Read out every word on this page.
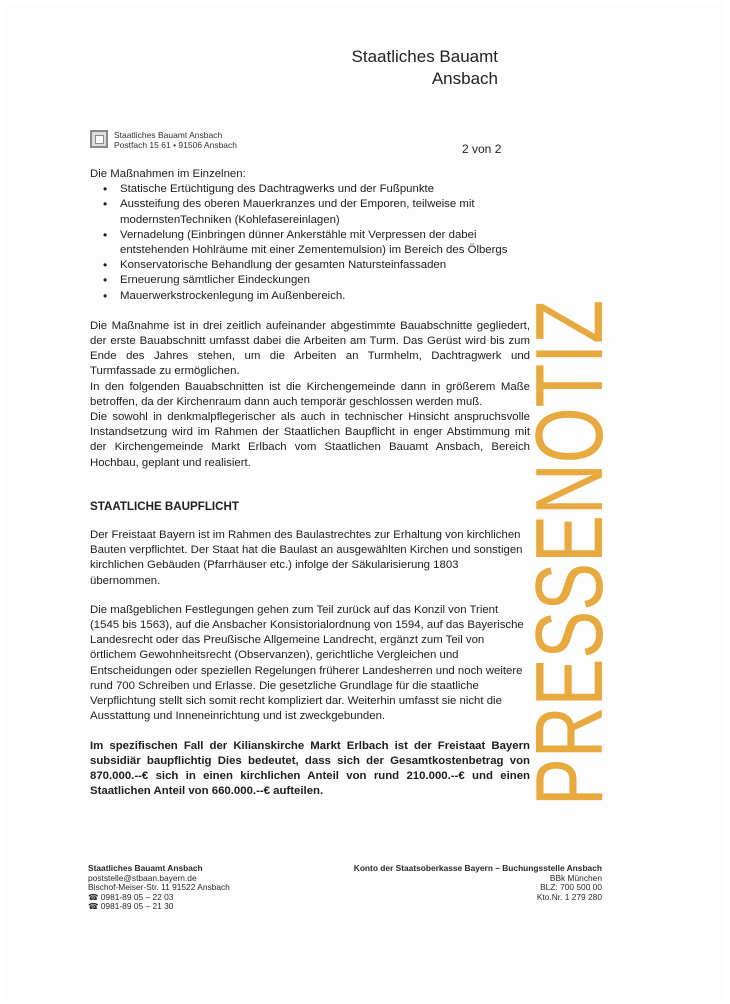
Staatliches Bauamt
Ansbach
Staatliches Bauamt Ansbach
Postfach 15 61 • 91506 Ansbach	2 von 2

Die Maßnahmen im Einzelnen:

• Statische Ertüchtigung des Dachtragwerks und der Fußpunkte
• Aussteifung des oberen Mauerkranzes und der Emporen, teilweise mit modernstenTechniken (Kohlefasereinlagen)
• Vernadelung (Einbringen dünner Ankerstähle mit Verpressen der dabei entstehenden Hohlräume mit einer Zementemulsion) im Bereich des Ölbergs
• Konservatorische Behandlung der gesamten Natursteinfassaden
• Erneuerung sämtlicher Eindeckungen
• Mauerwerkstrockenlegung im Außenbereich.

Die Maßnahme ist in drei zeitlich aufeinander abgestimmte Bauabschnitte gegliedert, der erste Bauabschnitt umfasst dabei die Arbeiten am Turm. Das Gerüst wird bis zum Ende des Jahres stehen, um die Arbeiten an Turmhelm, Dachtragwerk und Turmfassade zu ermöglichen.

In den folgenden Bauabschnitten ist die Kirchengemeinde dann in größerem Maße betroffen, da der Kirchenraum dann auch temporär geschlossen werden muß.

Die sowohl in denkmalpflegerischer als auch in technischer Hinsicht anspruchsvolle Instandsetzung wird im Rahmen der Staatlichen Baupflicht in enger Abstimmung mit der Kirchengemeinde Markt Erlbach vom Staatlichen Bauamt Ansbach, Bereich Hochbau, geplant und realisiert.

STAATLICHE BAUPFLICHT

Der Freistaat Bayern ist im Rahmen des Baulastrechtes zur Erhaltung von kirchlichen Bauten verpflichtet. Der Staat hat die Baulast an ausgewählten Kirchen und sonstigen kirchlichen Gebäuden (Pfarrhäuser etc.) infolge der Säkularisierung 1803 übernommen.

Die maßgeblichen Festlegungen gehen zum Teil zurück auf das Konzil von Trient (1545 bis 1563), auf die Ansbacher Konsistorialordnung von 1594, auf das Bayerische Landesrecht oder das Preußische Allgemeine Landrecht, ergänzt zum Teil von örtlichem Gewohnheitsrecht (Observanzen), gerichtliche Vergleichen und Entscheidungen oder speziellen Regelungen früherer Landesherren und noch weitere rund 700 Schreiben und Erlasse. Die gesetzliche Grundlage für die staatliche Verpflichtung stellt sich somit recht kompliziert dar. Weiterhin umfasst sie nicht die Ausstattung und Inneneinrichtung und ist zweckgebunden.

Im spezifischen Fall der Kilianskirche Markt Erlbach ist der Freistaat Bayern subsidiär baupflichtig Dies bedeutet, dass sich der Gesamtkostenbetrag von 870.000.--€ sich in einen kirchlichen Anteil von rund 210.000.--€ und einen Staatlichen Anteil von 660.000.--€ aufteilen.	PRESSENOTIZ
Staatliches Bauamt Ansbach
poststelle@stbaan.bayern.de
Bischof-Meiser-Str. 11 91522 Ansbach
☎ 0981-89 05 – 22 03
☎ 0981-89 05 – 21 30
Konto der Staatsoberkasse Bayern – Buchungsstelle Ansbach
BBk München
BLZ: 700 500 00
Kto.Nr. 1 279 280
